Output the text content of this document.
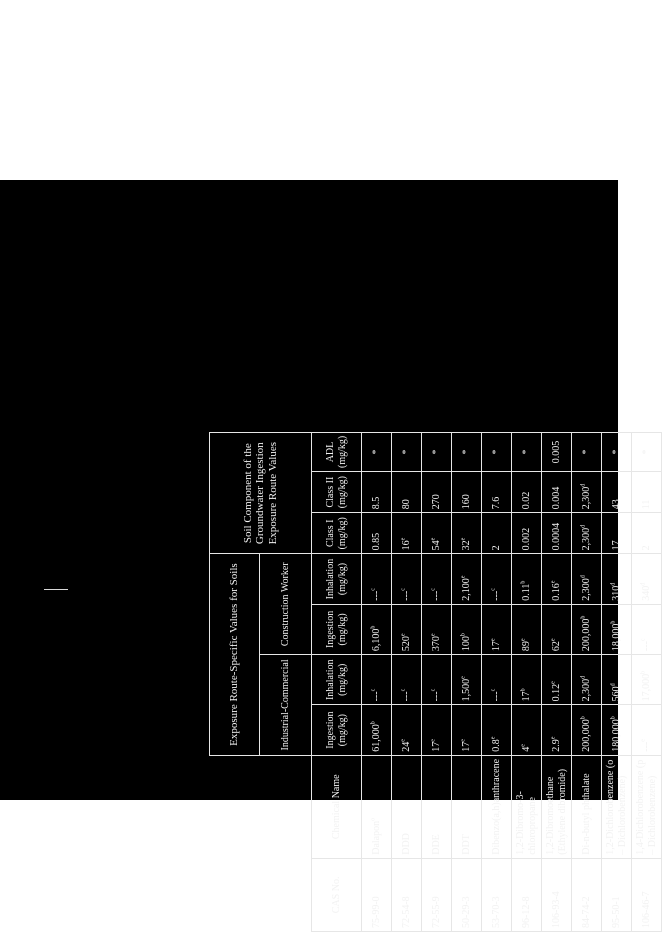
		Exposure Route-Specific Values for Soils				Soil Component of the Groundwater Ingestion Exposure Route Values		
		Industrial-Commercial		Construction Worker				
CAS No.	Chemical Name	Ingestion (mg/kg)	Inhalation (mg/kg)	Ingestion (mg/kg)	Inhalation (mg/kg)	Class I (mg/kg)	Class II (mg/kg)	ADL (mg/kg)
75-99-0	Dalapon$^o$	61,000$^b$	---$^c$	6,100$^b$	---$^c$	0.85	8.5	*
72-54-8	DDD	24e	---$^c$	520e	---$^c$	16e	80	*
72-55-9	DDE	17e	---$^c$	370e	---$^c$	54e	270	*
50-29-3	DDT	17e	1,500e	100$^b$	2,100e	32e	160	*
53-70-3	Dibenzo(a,h)anthracene	0.8e	---$^c$	17e	---$^c$	2	7.6	*
96-12-8	1,2-Dibromo-3-chloropropane	4e	17$^b$	89e	0.11$^b$	0.002	0.02	*
106-93-4	1,2-Dibromoethane (Ethylene dibromide)	2.9e	0.12e	62e	0.16e	0.0004	0.004	0.005
84-74-2	Di-n-butyl phthalate	200,000$^b$	2,300$^d$	200,000$^b$	2,300$^d$	2,300$^d$	2,300$^d$	*
95-50-1	1,2-Dichlorobenzene (o – Dichlorobenzene)	180,000$^b$	560$^d$	18,000$^b$	310$^d$	17	43	*
106-46-7	1,4-Dichlorobenzene (p – Dichlorobenzene)	---$^e$	17,000$^b$	---$^c$	340$^d$	2	11	*
